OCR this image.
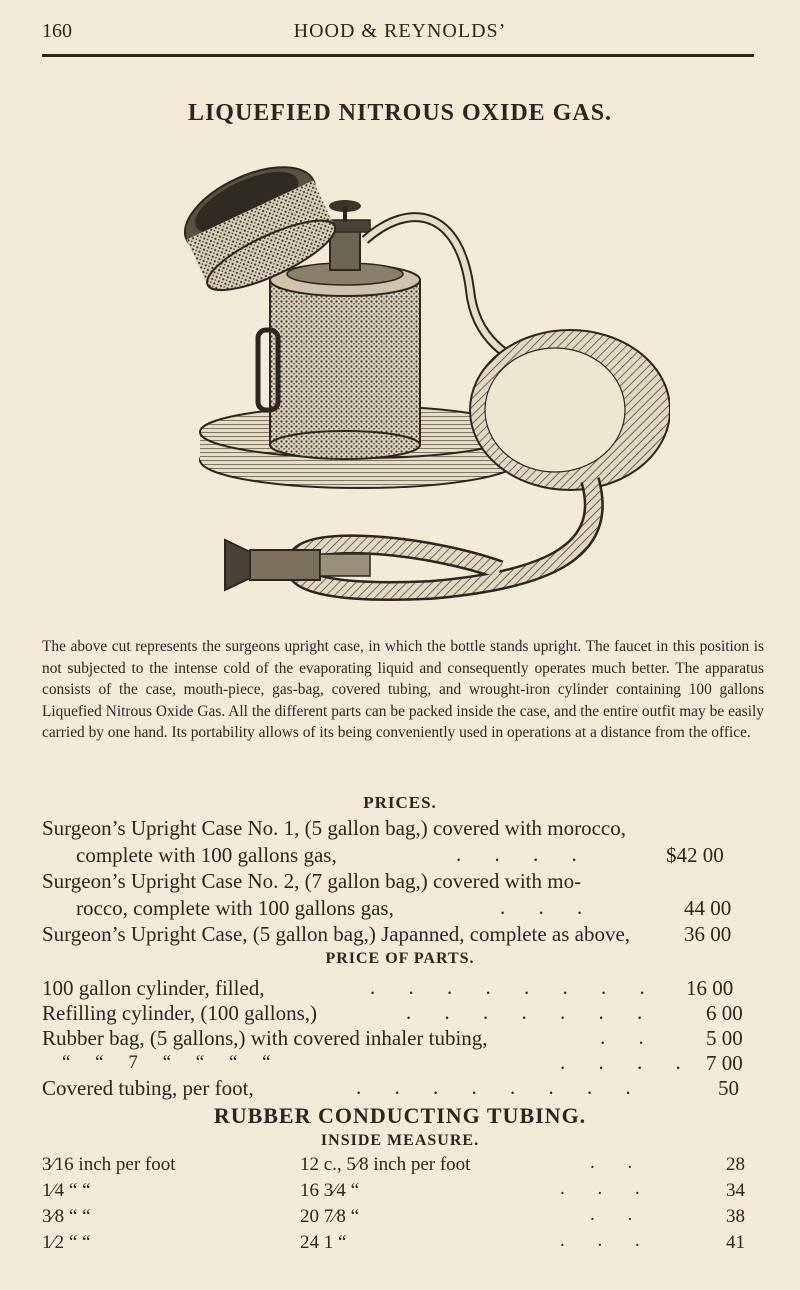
160	HOOD & REYNOLDS’
LIQUEFIED NITROUS OXIDE GAS.
The above cut represents the surgeons upright case, in which the bottle stands upright. The faucet in this position is not subjected to the intense cold of the evaporating liquid and consequently operates much better. The apparatus consists of the case, mouth-piece, gas-bag, covered tubing, and wrought-iron cylinder containing 100 gallons Liquefied Nitrous Oxide Gas. All the different parts can be packed inside the case, and the entire outfit may be easily carried by one hand. Its portability allows of its being conveniently used in operations at a distance from the office.
PRICES.
Surgeon’s Upright Case No. 1, (5 gallon bag,) covered with morocco,
complete with 100 gallons gas,	. . . .	$42 00
Surgeon’s Upright Case No. 2, (7 gallon bag,) covered with mo-
rocco, complete with 100 gallons gas,	. . .	44 00
Surgeon’s Upright Case, (5 gallon bag,) Japanned, complete as above,	36 00
PRICE OF PARTS.
100 gallon cylinder, filled,	. . . . . . . . 16 00
Refilling cylinder, (100 gallons,)	. . . . . . . 6 00
Rubber bag, (5 gallons,) with covered inhaler tubing,	. . 5 00
“ “ 7 “ “ “ “	. . . . 7 00
Covered tubing, per foot,	. . . . . . . .	50
RUBBER CONDUCTING TUBING.
INSIDE MEASURE.
3⁄16 inch per foot	12 c., 5⁄8 inch per foot	. .	28
1⁄4 “ “	16 3⁄4 “	. . .	34
3⁄8 “ “	20 7⁄8 “	. .	38
1⁄2 “ “	24 1 “	. . .	41
